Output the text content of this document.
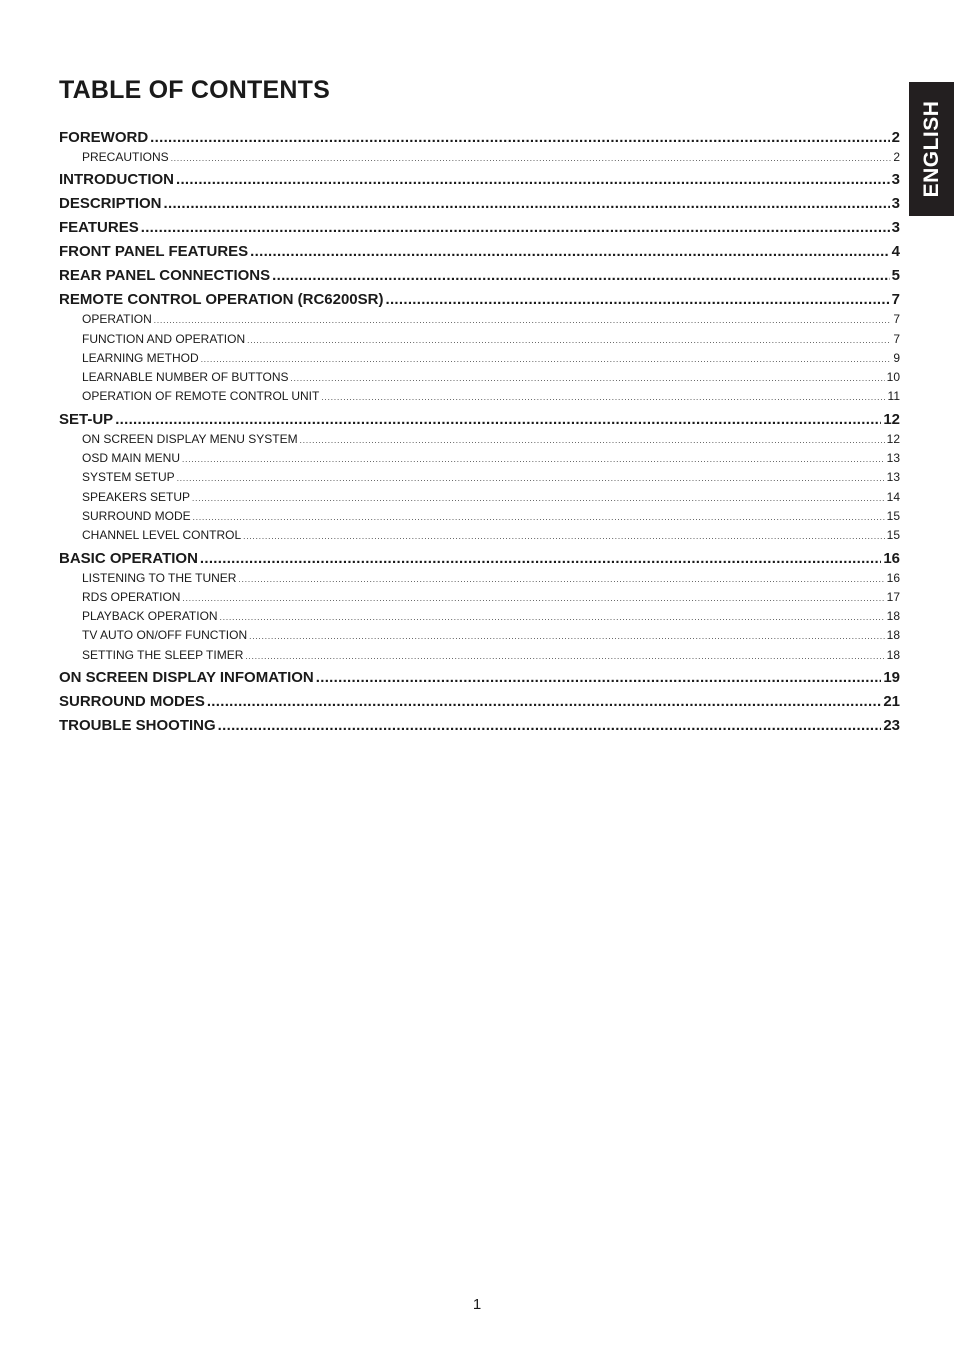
TABLE OF CONTENTS
ENGLISH
FOREWORD .....	2
PRECAUTIONS .....	2
INTRODUCTION .....	3
DESCRIPTION .....	3
FEATURES .....	3
FRONT PANEL FEATURES .....	4
REAR PANEL CONNECTIONS .....	5
REMOTE CONTROL OPERATION (RC6200SR) .....	7
OPERATION .....	7
FUNCTION AND OPERATION .....	7
LEARNING METHOD .....	9
LEARNABLE NUMBER OF BUTTONS .....	10
OPERATION OF REMOTE CONTROL UNIT .....	11
SET-UP .....	12
ON SCREEN DISPLAY MENU SYSTEM .....	12
OSD MAIN MENU .....	13
SYSTEM SETUP .....	13
SPEAKERS SETUP .....	14
SURROUND MODE .....	15
CHANNEL LEVEL CONTROL .....	15
BASIC OPERATION .....	16
LISTENING TO THE TUNER .....	16
RDS OPERATION .....	17
PLAYBACK OPERATION .....	18
TV AUTO ON/OFF FUNCTION .....	18
SETTING THE SLEEP TIMER .....	18
ON SCREEN DISPLAY INFOMATION .....	19
SURROUND MODES .....	21
TROUBLE SHOOTING .....	23
1
